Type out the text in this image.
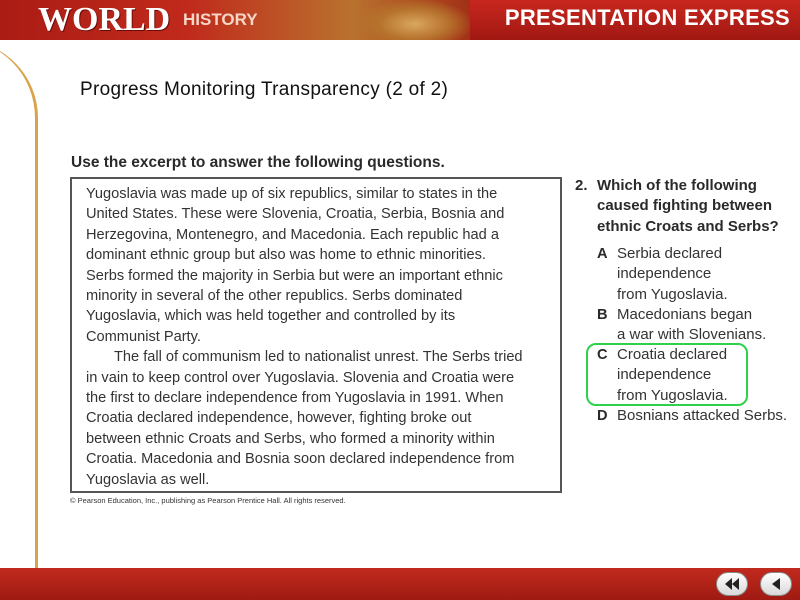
WORLD HISTORY	PRESENTATION EXPRESS
Progress Monitoring Transparency (2 of 2)
Use the excerpt to answer the following questions.

Yugoslavia was made up of six republics, similar to states in the
United States. These were Slovenia, Croatia, Serbia, Bosnia and
Herzegovina, Montenegro, and Macedonia. Each republic had a
dominant ethnic group but also was home to ethnic minorities.
Serbs formed the majority in Serbia but were an important ethnic
minority in several of the other republics. Serbs dominated
Yugoslavia, which was held together and controlled by its
Communist Party.

The fall of communism led to nationalist unrest. The Serbs tried
in vain to keep control over Yugoslavia. Slovenia and Croatia were
the first to declare independence from Yugoslavia in 1991. When
Croatia declared independence, however, fighting broke out
between ethnic Croats and Serbs, who formed a minority within
Croatia. Macedonia and Bosnia soon declared independence from
Yugoslavia as well.

© Pearson Education, Inc., publishing as Pearson Prentice Hall. All rights reserved.
2. Which of the following
caused fighting between
ethnic Croats and Serbs?
A Serbia declared
independence
from Yugoslavia.
B Macedonians began
a war with Slovenians.
C Croatia declared
independence
from Yugoslavia.
D Bosnians attacked Serbs.
